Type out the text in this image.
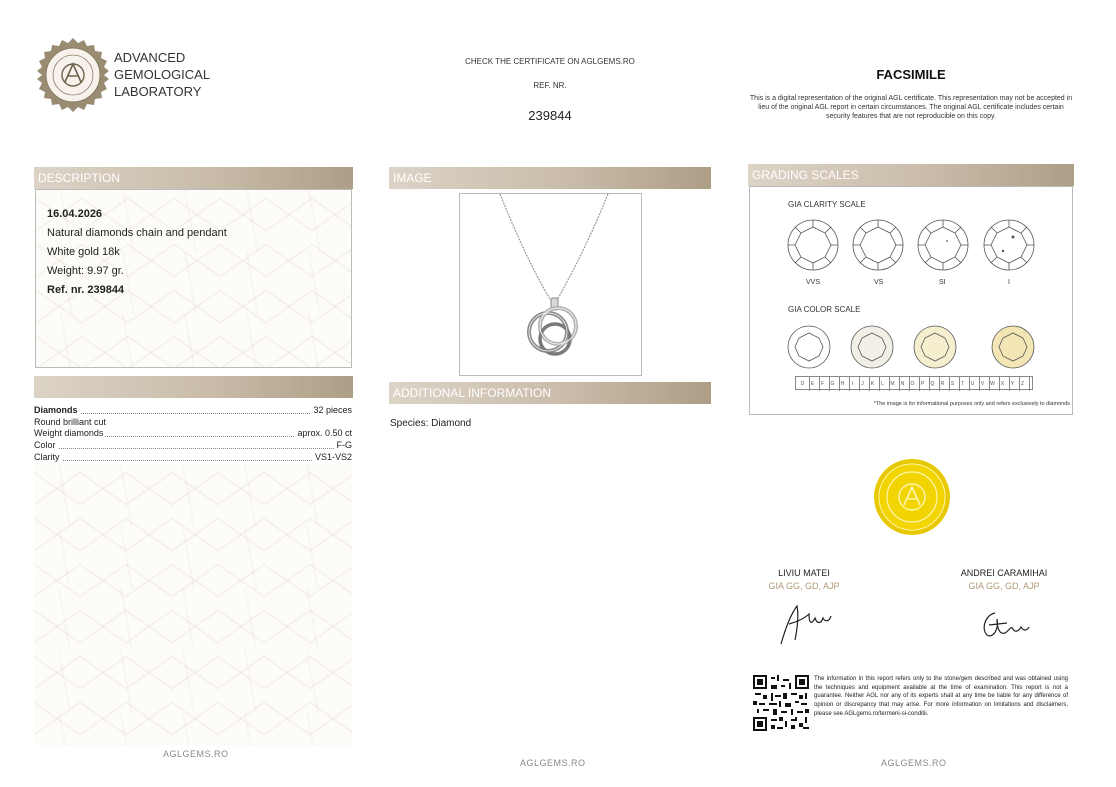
ADVANCED
GEMOLOGICAL
LABORATORY
CHECK THE CERTIFICATE ON AGLGEMS.RO
REF. NR.
239844
FACSIMILE
This is a digital representation of the original AGL certificate. This representation may not be accepted in lieu of the original AGL report in certain circumstances. The original AGL certificate includes certain security features that are not reproducible on this copy.
DESCRIPTION
16.04.2026
Natural diamonds chain and pendant
White gold 18k
Weight: 9.97 gr.
Ref. nr. 239844
Diamonds	32 pieces
Round brilliant cut
Weight diamonds	aprox. 0.50 ct
Color	F-G
Clarity	VS1-VS2
AGLGEMS.RO
IMAGE
ADDITIONAL INFORMATION
Species: Diamond
AGLGEMS.RO
GRADING SCALES
GIA CLARITY SCALE
VVS	VS	SI	I
GIA COLOR SCALE
D	E	F	G	H	I	J	K	L	M	N	O	P	Q	R	S	T	U	V	W	X	Y	Z
*The image is for informational purposes only and refers exclusively to diamonds
LIVIU MATEI
GIA GG, GD, AJP
ANDREI CARAMIHAI
GIA GG, GD, AJP
The information in this report refers only to the stone/gem described and was obtained using the techniques and equipment available at the time of examination. This report is not a guarantee. Neither AGL nor any of its experts shall at any time be liable for any difference of opinion or discrepancy that may arise. For more information on limitations and disclaimers, please see AGLgems.ro/termeni-si-conditii.
AGLGEMS.RO
